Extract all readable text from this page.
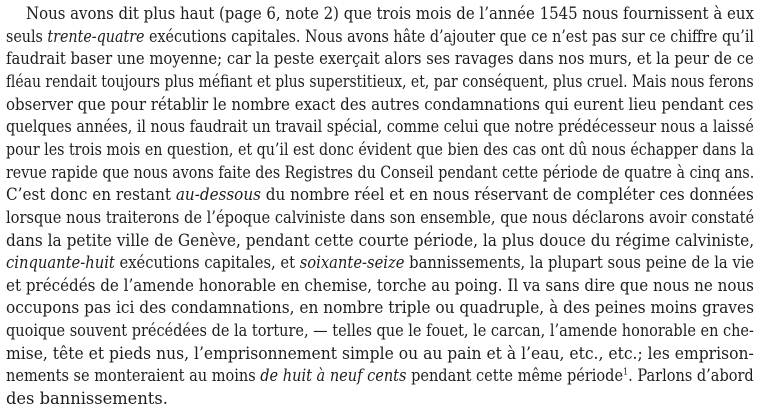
Nous avons dit plus haut (page 6, note 2) que trois mois de l’année 1545 nous fournissent à eux
seuls trente-quatre exécutions capitales. Nous avons hâte d’ajouter que ce n’est pas sur ce chiffre qu’il
faudrait baser une moyenne; car la peste exerçait alors ses ravages dans nos murs, et la peur de ce
fléau rendait toujours plus méfiant et plus superstitieux, et, par conséquent, plus cruel. Mais nous ferons
observer que pour rétablir le nombre exact des autres condamnations qui eurent lieu pendant ces
quelques années, il nous faudrait un travail spécial, comme celui que notre prédécesseur nous a laissé
pour les trois mois en question, et qu’il est donc évident que bien des cas ont dû nous échapper dans la
revue rapide que nous avons faite des Registres du Conseil pendant cette période de quatre à cinq ans.
C’est donc en restant au-dessous du nombre réel et en nous réservant de compléter ces données
lorsque nous traiterons de l’époque calviniste dans son ensemble, que nous déclarons avoir constaté
dans la petite ville de Genève, pendant cette courte période, la plus douce du régime calviniste,
cinquante-huit exécutions capitales, et soixante-seize bannissements, la plupart sous peine de la vie
et précédés de l’amende honorable en chemise, torche au poing. Il va sans dire que nous ne nous
occupons pas ici des condamnations, en nombre triple ou quadruple, à des peines moins graves
quoique souvent précédées de la torture, — telles que le fouet, le carcan, l’amende honorable en che-
mise, tête et pieds nus, l’emprisonnement simple ou au pain et à l’eau, etc., etc.; les emprison-
nements se monteraient au moins de huit à neuf cents pendant cette même période$^1$. Parlons d’abord
des bannissements.
